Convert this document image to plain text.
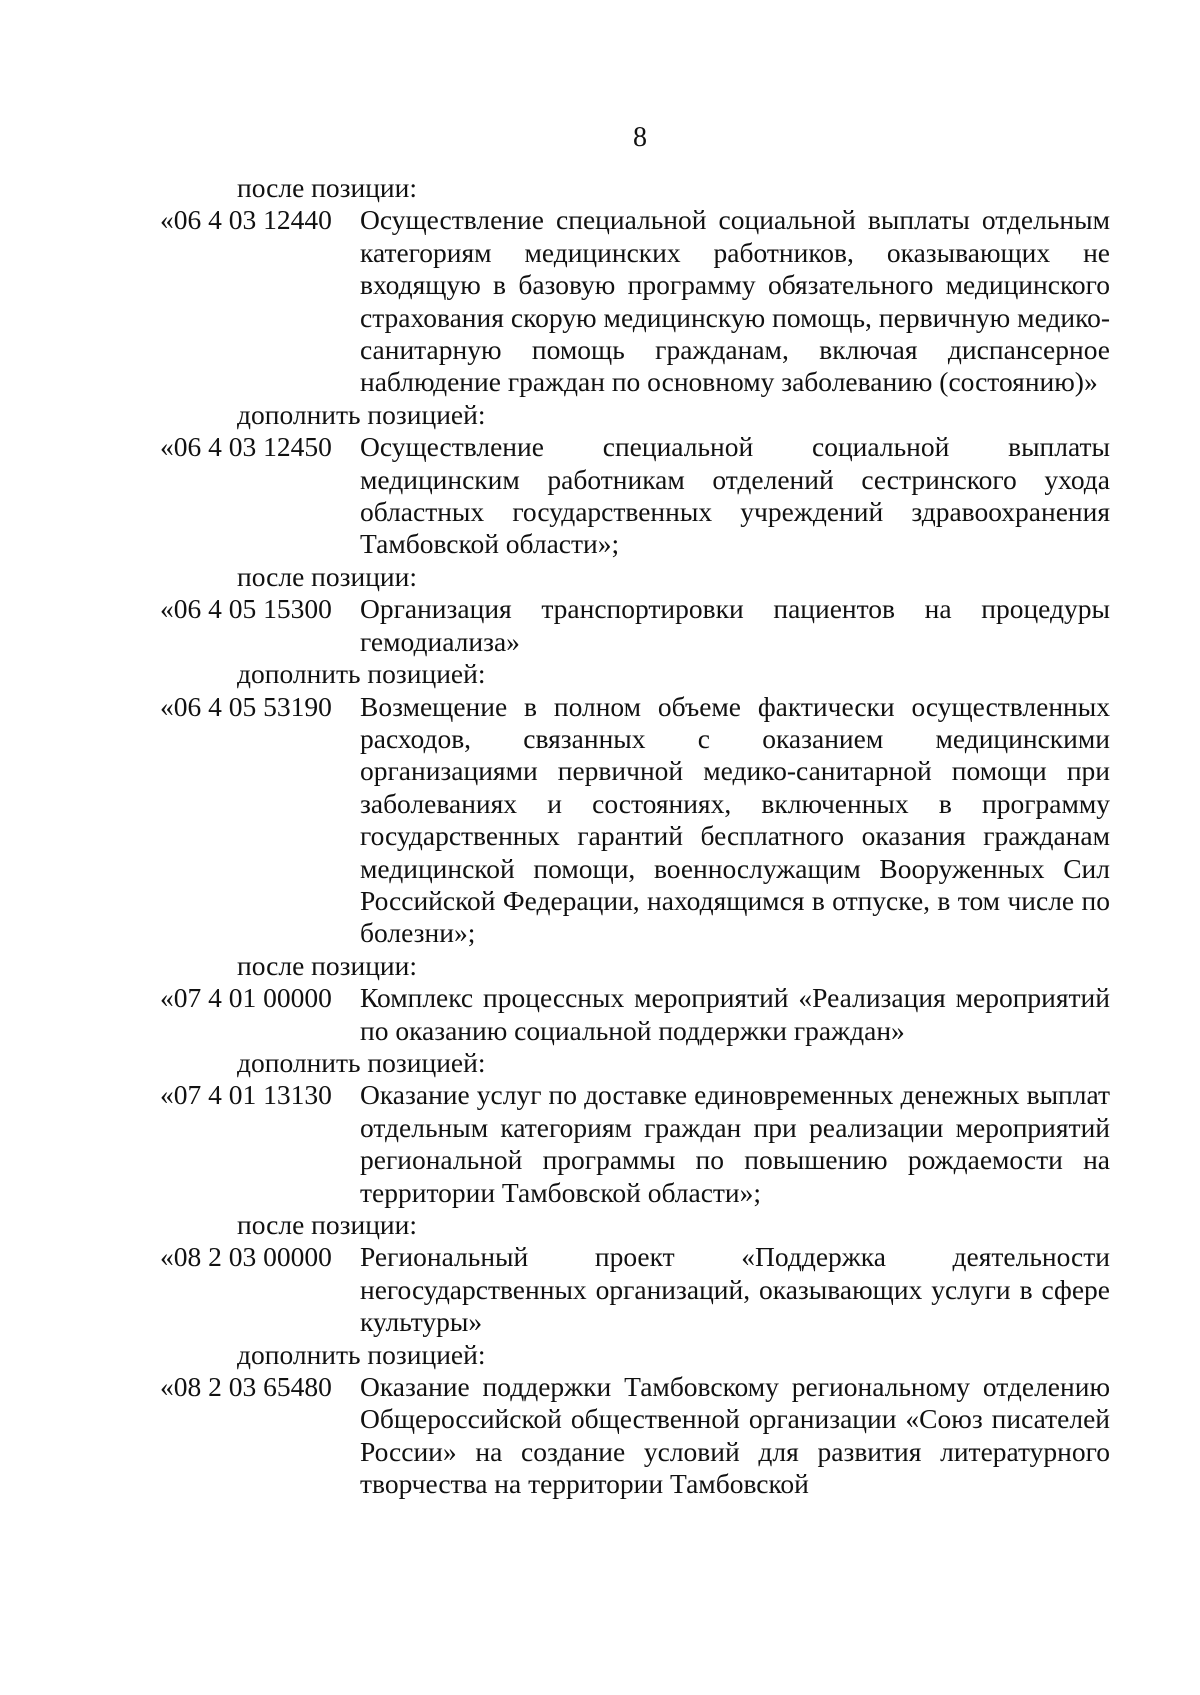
8
после позиции:
«06 4 03 12440	Осуществление специальной социальной выплаты отдельным категориям медицинских работников, оказывающих не входящую в базовую программу обязательного медицинского страхования скорую медицинскую помощь, первичную медико-санитарную помощь гражданам, включая диспансерное наблюдение граждан по основному заболеванию (состоянию)»
дополнить позицией:
«06 4 03 12450	Осуществление специальной социальной выплаты медицинским работникам отделений сестринского ухода областных государственных учреждений здравоохранения Тамбовской области»;
после позиции:
«06 4 05 15300	Организация транспортировки пациентов на процедуры гемодиализа»
дополнить позицией:
«06 4 05 53190	Возмещение в полном объеме фактически осуществленных расходов, связанных с оказанием медицинскими организациями первичной медико-санитарной помощи при заболеваниях и состояниях, включенных в программу государственных гарантий бесплатного оказания гражданам медицинской помощи, военнослужащим Вооруженных Сил Российской Федерации, находящимся в отпуске, в том числе по болезни»;
после позиции:
«07 4 01 00000	Комплекс процессных мероприятий «Реализация мероприятий по оказанию социальной поддержки граждан»
дополнить позицией:
«07 4 01 13130	Оказание услуг по доставке единовременных денежных выплат отдельным категориям граждан при реализации мероприятий региональной программы по повышению рождаемости на территории Тамбовской области»;
после позиции:
«08 2 03 00000	Региональный проект «Поддержка деятельности негосударственных организаций, оказывающих услуги в сфере культуры»
дополнить позицией:
«08 2 03 65480	Оказание поддержки Тамбовскому региональному отделению Общероссийской общественной организации «Союз писателей России» на создание условий для развития литературного творчества на территории Тамбовской
